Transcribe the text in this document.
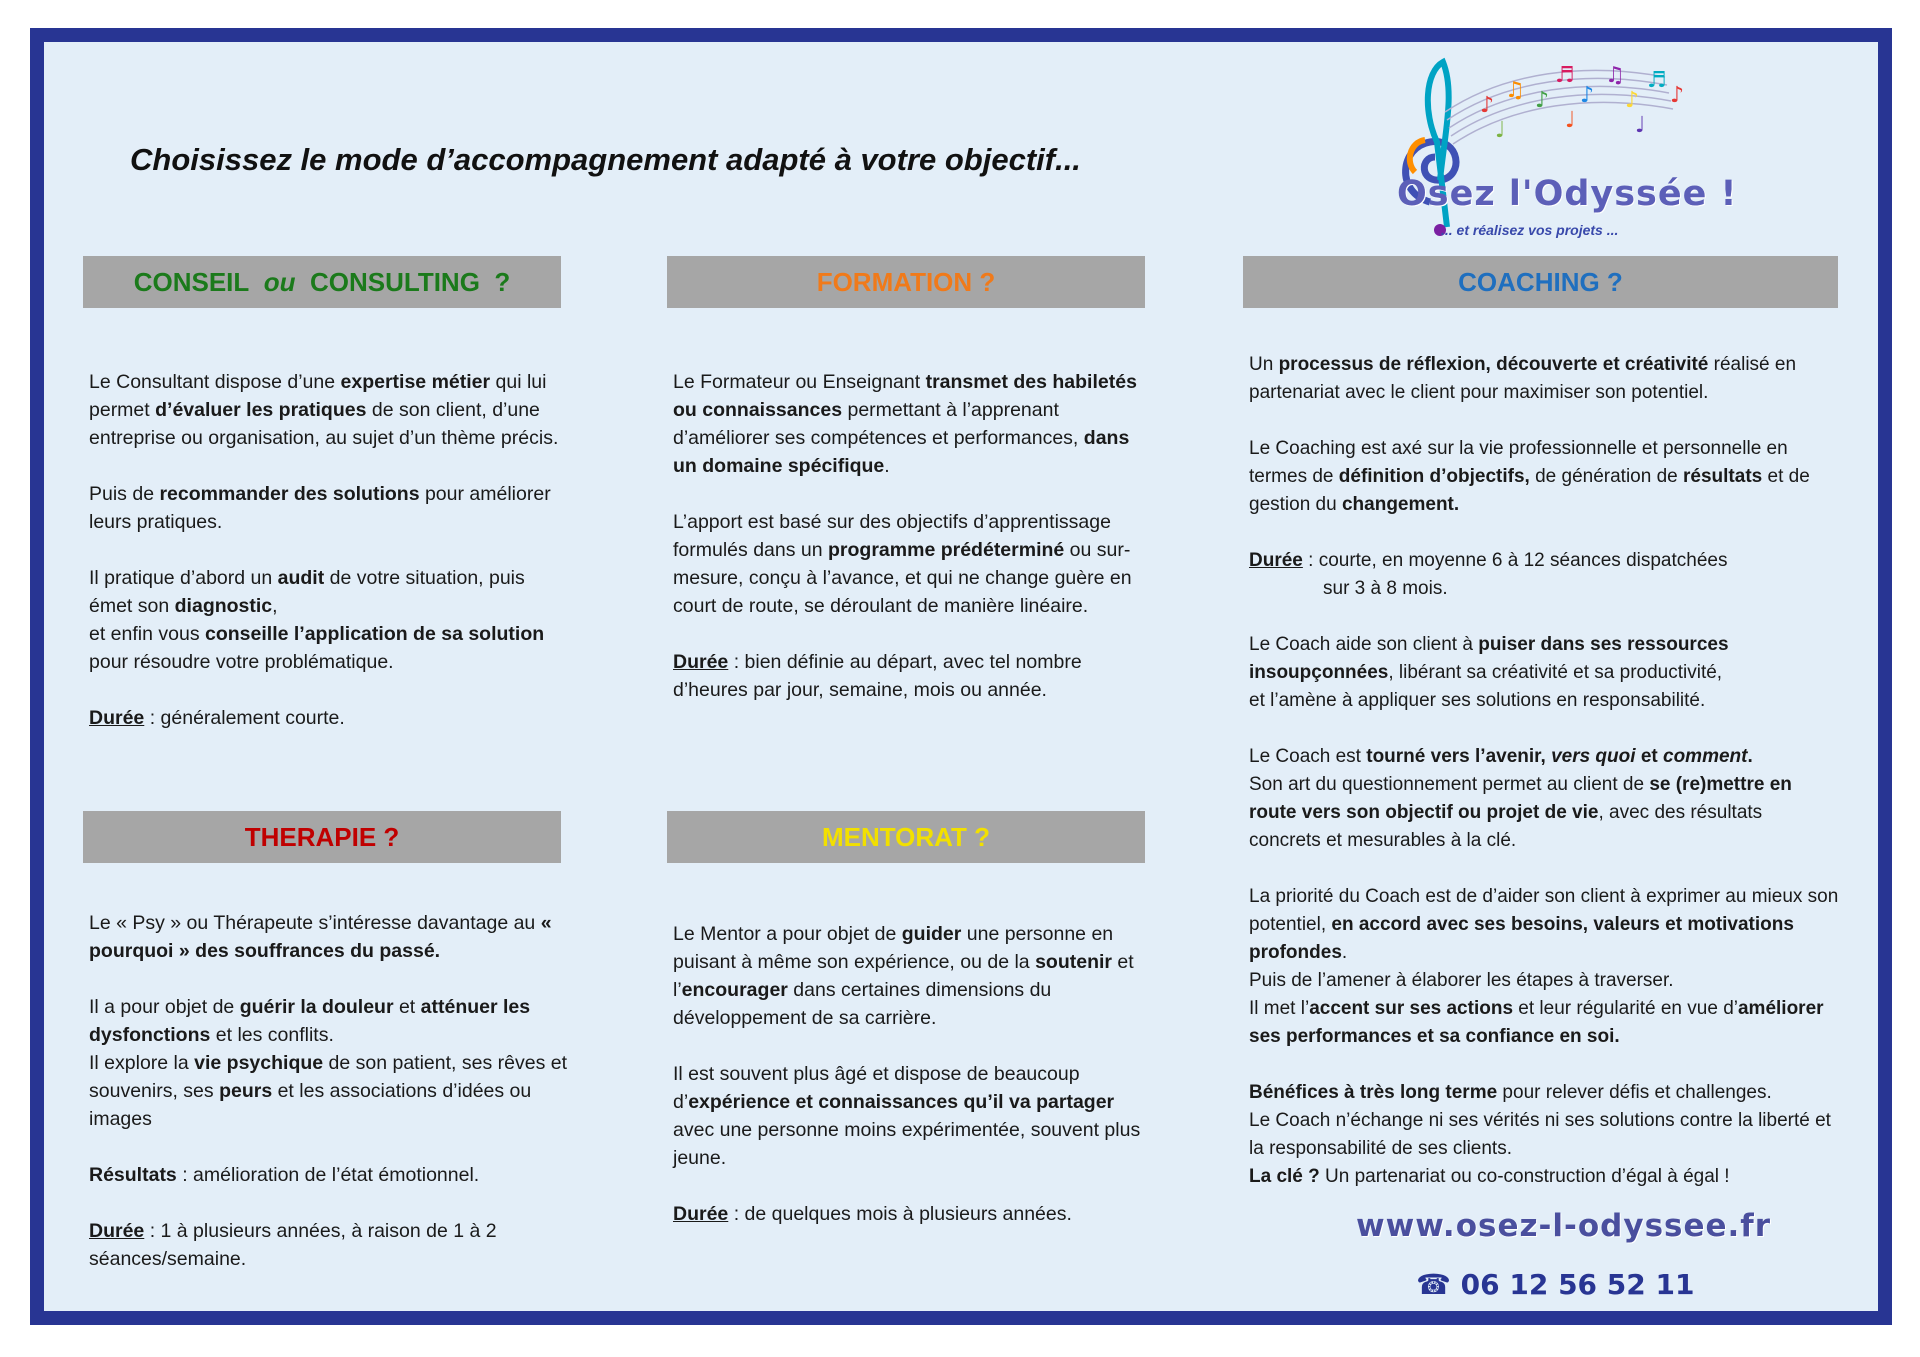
Choisissez le mode d’accompagnement adapté à votre objectif...
♪
♫ ♪
♬
♪
♫
♪
♬
♪
♩	♩	♩
Osez l'Odyssée !
... et réalisez vos projets ...
CONSEIL
ou
CONSULTING
?

Le Consultant dispose d’une expertise métier qui lui permet d’évaluer les pratiques de son client, d’une entreprise ou organisation, au sujet d’un thème précis.

Puis de recommander des solutions pour améliorer leurs pratiques.

Il pratique d’abord un audit de votre situation, puis émet son diagnostic,
et enfin vous conseille l’application de sa solution pour résoudre votre problématique.

Durée : généralement courte.

FORMATION ?

Le Formateur ou Enseignant transmet des habiletés ou connaissances permettant à l’apprenant d’améliorer ses compétences et performances, dans un domaine spécifique.

L’apport est basé sur des objectifs d’apprentissage formulés dans un programme prédéterminé ou sur-mesure, conçu à l’avance, et qui ne change guère en court de route, se déroulant de manière linéaire.

Durée : bien définie au départ, avec tel nombre d’heures par jour, semaine, mois ou année.

COACHING ?

Un processus de réflexion, découverte et créativité réalisé en partenariat avec le client pour maximiser son potentiel.

Le Coaching est axé sur la vie professionnelle et personnelle en termes de définition d’objectifs, de génération de résultats et de gestion du changement.

Durée : courte, en moyenne 6 à 12 séances dispatchées
sur 3 à 8 mois.

Le Coach aide son client à puiser dans ses ressources insoupçonnées, libérant sa créativité et sa productivité,
et l’amène à appliquer ses solutions en responsabilité.

Le Coach est tourné vers l’avenir, vers quoi et comment.
Son art du questionnement permet au client de se (re)mettre en route vers son objectif ou projet de vie, avec des résultats concrets et mesurables à la clé.

La priorité du Coach est de d’aider son client à exprimer au mieux son potentiel, en accord avec ses besoins, valeurs et motivations profondes.
Puis de l’amener à élaborer les étapes à traverser.
Il met l’accent sur ses actions et leur régularité en vue d’améliorer ses performances et sa confiance en soi.

Bénéfices à très long terme pour relever défis et challenges.
Le Coach n’échange ni ses vérités ni ses solutions contre la liberté et la responsabilité de ses clients.
La clé ? Un partenariat ou co-construction d’égal à égal !

THERAPIE ?

Le « Psy » ou Thérapeute s’intéresse davantage au « pourquoi » des souffrances du passé.

Il a pour objet de guérir la douleur et atténuer les dysfonctions et les conflits.
Il explore la vie psychique de son patient, ses rêves et souvenirs, ses peurs et les associations d’idées ou images

Résultats : amélioration de l’état émotionnel.

Durée : 1 à plusieurs années, à raison de 1 à 2 séances/semaine.

MENTORAT ?

Le Mentor a pour objet de guider une personne en puisant à même son expérience, ou de la soutenir et l’encourager dans certaines dimensions du développement de sa carrière.

Il est souvent plus âgé et dispose de beaucoup d’expérience et connaissances qu’il va partager avec une personne moins expérimentée, souvent plus jeune.

Durée : de quelques mois à plusieurs années.	www.osez-l-odyssee.fr
☎ 06 12 56 52 11
